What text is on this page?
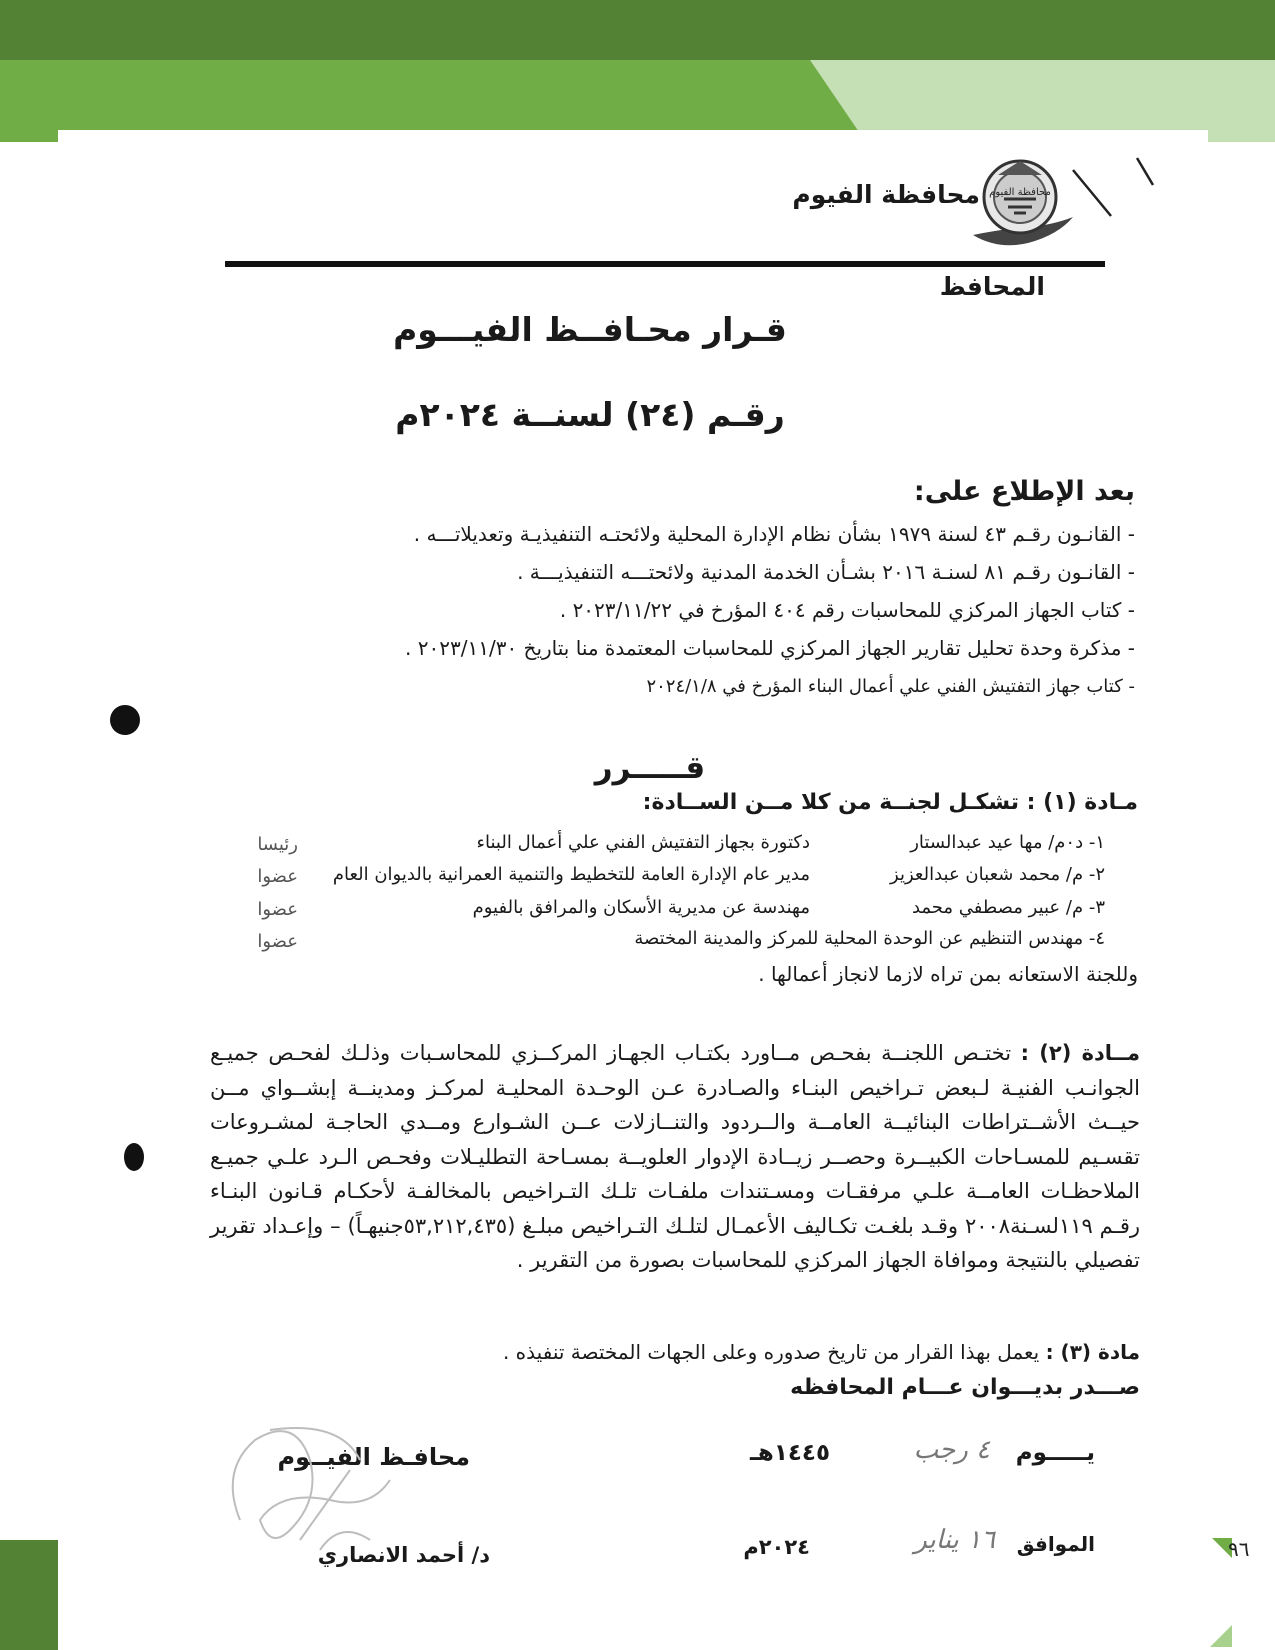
٩٦
محافظة الفيوم
محافظة الفيوم
المحافظ
قـرار محـافــظ الفيـــوم
رقـم (٢٤) لسنــة ٢٠٢٤م
بعد الإطلاع على:
- القانـون رقـم ٤٣ لسنة ١٩٧٩ بشأن نظام الإدارة المحلية ولائحتـه التنفيذيـة وتعديلاتـــه .
- القانـون رقـم ٨١ لسنـة ٢٠١٦ بشـأن الخدمة المدنية ولائحتـــه التنفيذيـــة .
- كتاب الجهاز المركزي للمحاسبات رقم ٤٠٤ المؤرخ في ٢٠٢٣/١١/٢٢ .
- مذكرة وحدة تحليل تقارير الجهاز المركزي للمحاسبات المعتمدة منا بتاريخ ٢٠٢٣/١١/٣٠ .
- كتاب جهاز التفتيش الفني علي أعمال البناء المؤرخ في ٢٠٢٤/١/٨
قـــــرر
مـادة (١) : تشكـل لجنــة من كلا مــن الســادة:
١- د٠م/ مها عيد عبدالستار
دكتورة بجهاز التفتيش الفني علي أعمال البناء
رئيسا
٢- م/ محمد شعبان عبدالعزيز
مدير عام الإدارة العامة للتخطيط والتنمية العمرانية بالديوان العام
عضوا
٣- م/ عبير مصطفي محمد
مهندسة عن مديرية الأسكان والمرافق بالفيوم
عضوا
٤- مهندس التنظيم عن الوحدة المحلية للمركز والمدينة المختصة
عضوا
وللجنة الاستعانه بمن تراه لازما لانجاز أعمالها .
مــادة (٢) : تختـص اللجنــة بفحـص مــاورد بكتـاب الجهـاز المركــزي للمحاسـبات وذلـك لفحـص جميـع الجوانـب الفنيـة لـبعض تـراخيص البنـاء والصـادرة عـن الوحـدة المحليـة لمركـز ومدينــة إبشــواي مــن حيــث الأشــتراطات البنائيــة العامــة والــردود والتنــازلات عــن الشـوارع ومــدي الحاجـة لمشـروعات تقسـيم للمسـاحات الكبيــرة وحصــر زيــادة الإدوار العلويــة بمسـاحة التطليـلات وفحـص الـرد علـي جميـع الملاحظـات العامــة علـي مرفقـات ومسـتندات ملفـات تلـك التـراخيص بالمخالفـة لأحكـام قـانون البنـاء رقـم ١١٩لسـنة٢٠٠٨ وقـد بلغـت تكـاليف الأعمـال لتلـك التـراخيص مبلـغ (٥٣,٢١٢,٤٣٥جنيهـاً) – وإعـداد تقرير تفصيلي بالنتيجة وموافاة الجهاز المركزي للمحاسبات بصورة من التقرير .
مادة (٣) : يعمل بهذا القرار من تاريخ صدوره وعلى الجهات المختصة تنفيذه .
صـــدر بديـــوان عـــام المحافظه
يـــــوم
٤ رجب
١٤٤٥هـ
محافـظ الفيــوم
الموافق
١٦ يناير
٢٠٢٤م
د/ أحمد الانصاري
